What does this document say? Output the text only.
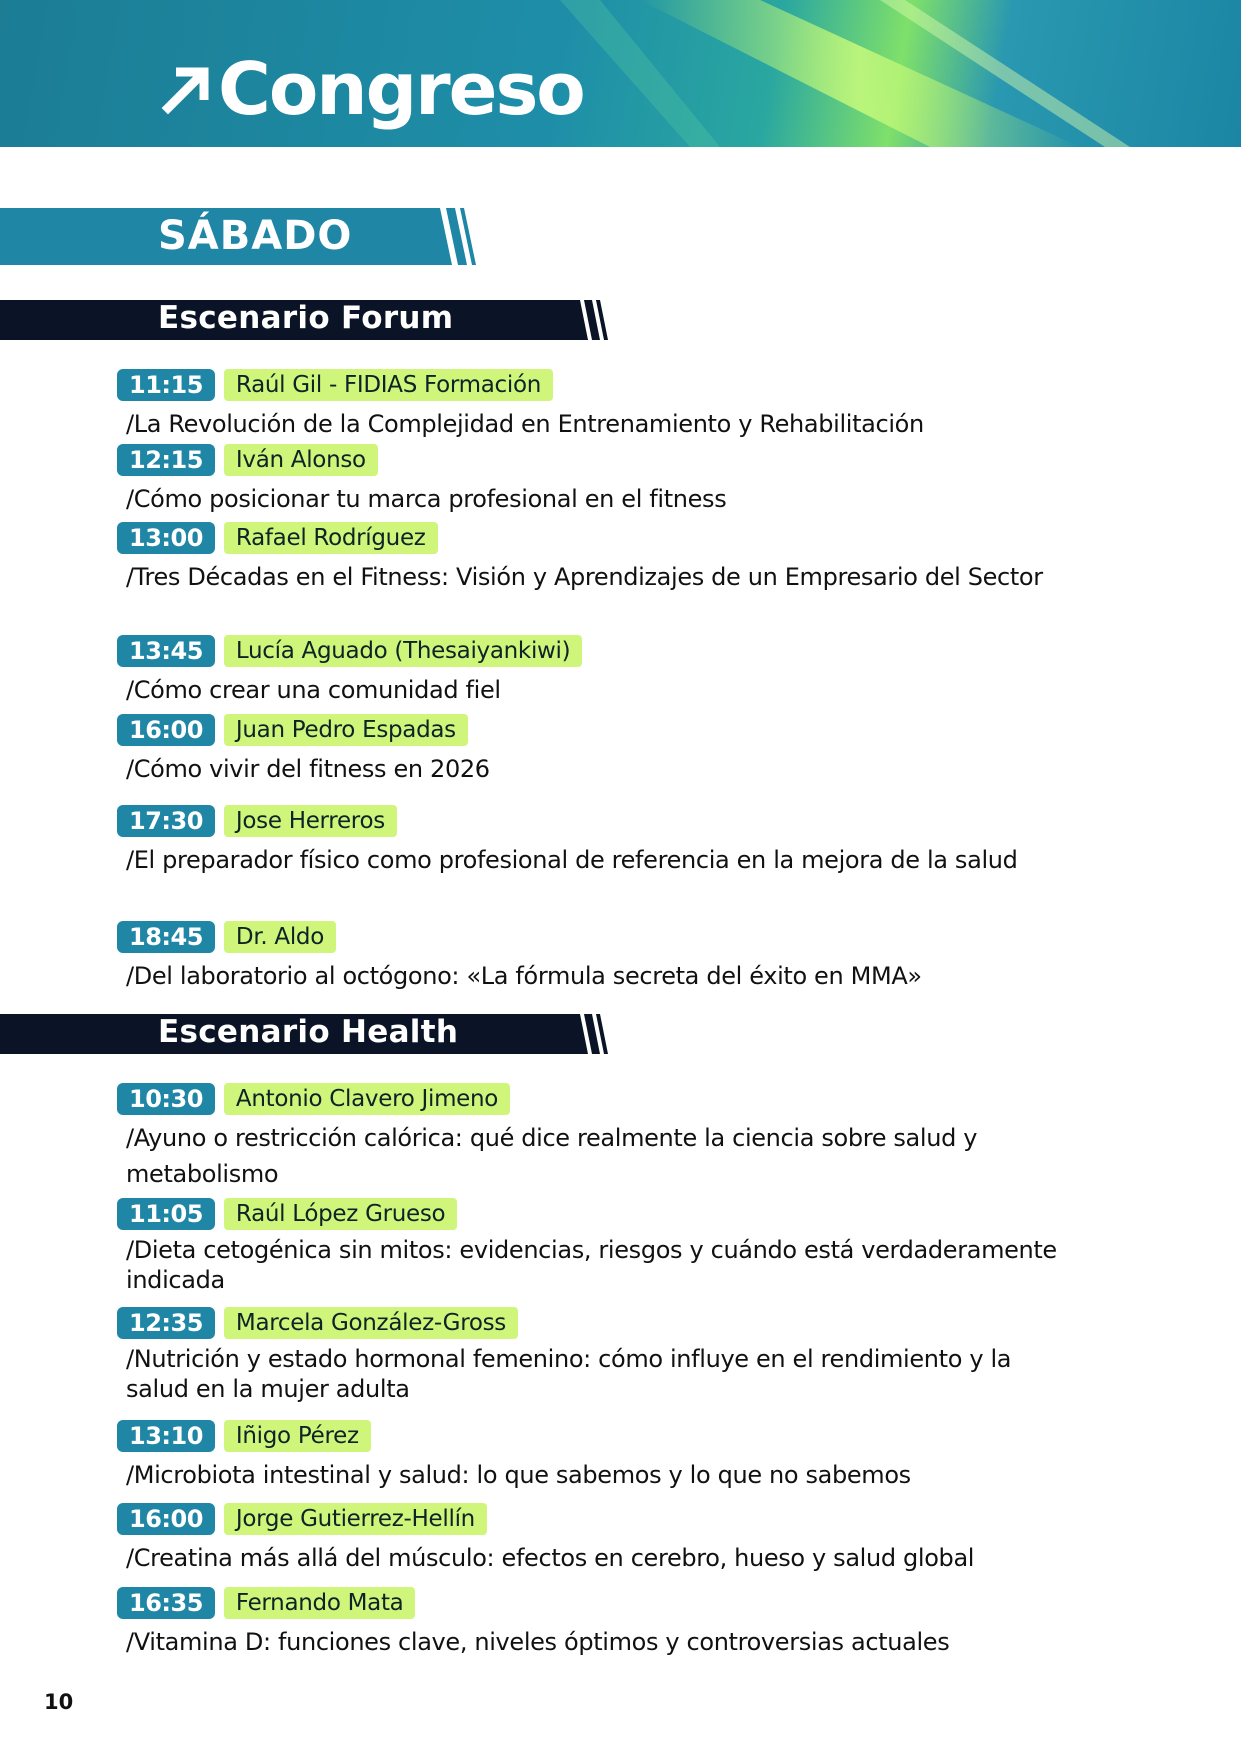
Congreso
SÁBADO
Escenario Forum
11:15	Raúl Gil - FIDIAS Formación
/La Revolución de la Complejidad en Entrenamiento y Rehabilitación
12:15	Iván Alonso
/Cómo posicionar tu marca profesional en el fitness
13:00	Rafael Rodríguez
/Tres Décadas en el Fitness: Visión y Aprendizajes de un Empresario del Sector
13:45	Lucía Aguado (Thesaiyankiwi)
/Cómo crear una comunidad fiel
16:00	Juan Pedro Espadas
/Cómo vivir del fitness en 2026
17:30	Jose Herreros
/El preparador físico como profesional de referencia en la mejora de la salud
18:45	Dr. Aldo
/Del laboratorio al octógono: «La fórmula secreta del éxito en MMA»
Escenario Health
10:30	Antonio Clavero Jimeno
/Ayuno o restricción calórica: qué dice realmente la ciencia sobre salud y metabolismo
11:05	Raúl López Grueso
/Dieta cetogénica sin mitos: evidencias, riesgos y cuándo está verdaderamente indicada
12:35	Marcela González-Gross
/Nutrición y estado hormonal femenino: cómo influye en el rendimiento y la salud en la mujer adulta
13:10	Iñigo Pérez
/Microbiota intestinal y salud: lo que sabemos y lo que no sabemos
16:00	Jorge Gutierrez-Hellín
/Creatina más allá del músculo: efectos en cerebro, hueso y salud global
16:35	Fernando Mata
/Vitamina D: funciones clave, niveles óptimos y controversias actuales
10
